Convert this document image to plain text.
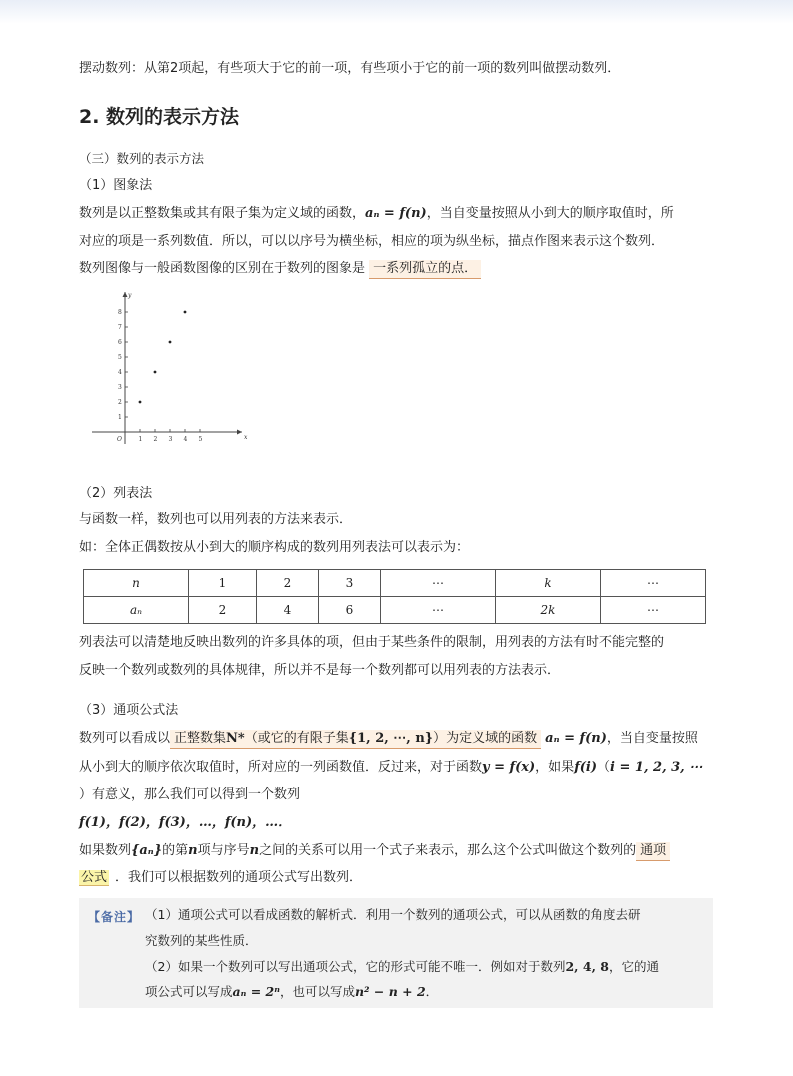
摆动数列：从第2项起，有些项大于它的前一项，有些项小于它的前一项的数列叫做摆动数列．
2. 数列的表示方法
（三）数列的表示方法
（1）图象法
数列是以正整数集或其有限子集为定义域的函数，aₙ = f(n)，当自变量按照从小到大的顺序取值时，所
对应的项是一系列数值．所以，可以以序号为横坐标，相应的项为纵坐标，描点作图来表示这个数列．
数列图像与一般函数图像的区别在于数列的图象是 一系列孤立的点．
x
y
O	1 2 3 4 5
1
2
3
4
5
6
7
8
（2）列表法
与函数一样，数列也可以用列表的方法来表示．
如：全体正偶数按从小到大的顺序构成的数列用列表法可以表示为：
n	1	2	3	⋯	k	⋯
aₙ	2	4	6	⋯	2k	⋯
列表法可以清楚地反映出数列的许多具体的项，但由于某些条件的限制，用列表的方法有时不能完整的
反映一个数列或数列的具体规律，所以并不是每一个数列都可以用列表的方法表示．
（3）通项公式法
数列可以看成以 正整数集N*（或它的有限子集{1, 2, ⋯, n}）为定义域的函数 aₙ = f(n)，当自变量按照
从小到大的顺序依次取值时，所对应的一列函数值．反过来，对于函数y = f(x)，如果f(i)（i = 1, 2, 3, ⋯
）有意义，那么我们可以得到一个数列
f(1)，f(2)，f(3)，…，f(n)，…．
如果数列{aₙ}的第n项与序号n之间的关系可以用一个式子来表示，那么这个公式叫做这个数列的 通项
公式 ．我们可以根据数列的通项公式写出数列．
【备注】 （1）通项公式可以看成函数的解析式．利用一个数列的通项公式，可以从函数的角度去研
究数列的某些性质．
（2）如果一个数列可以写出通项公式，它的形式可能不唯一．例如对于数列2, 4, 8，它的通
项公式可以写成aₙ = 2ⁿ，也可以写成n² − n + 2．
